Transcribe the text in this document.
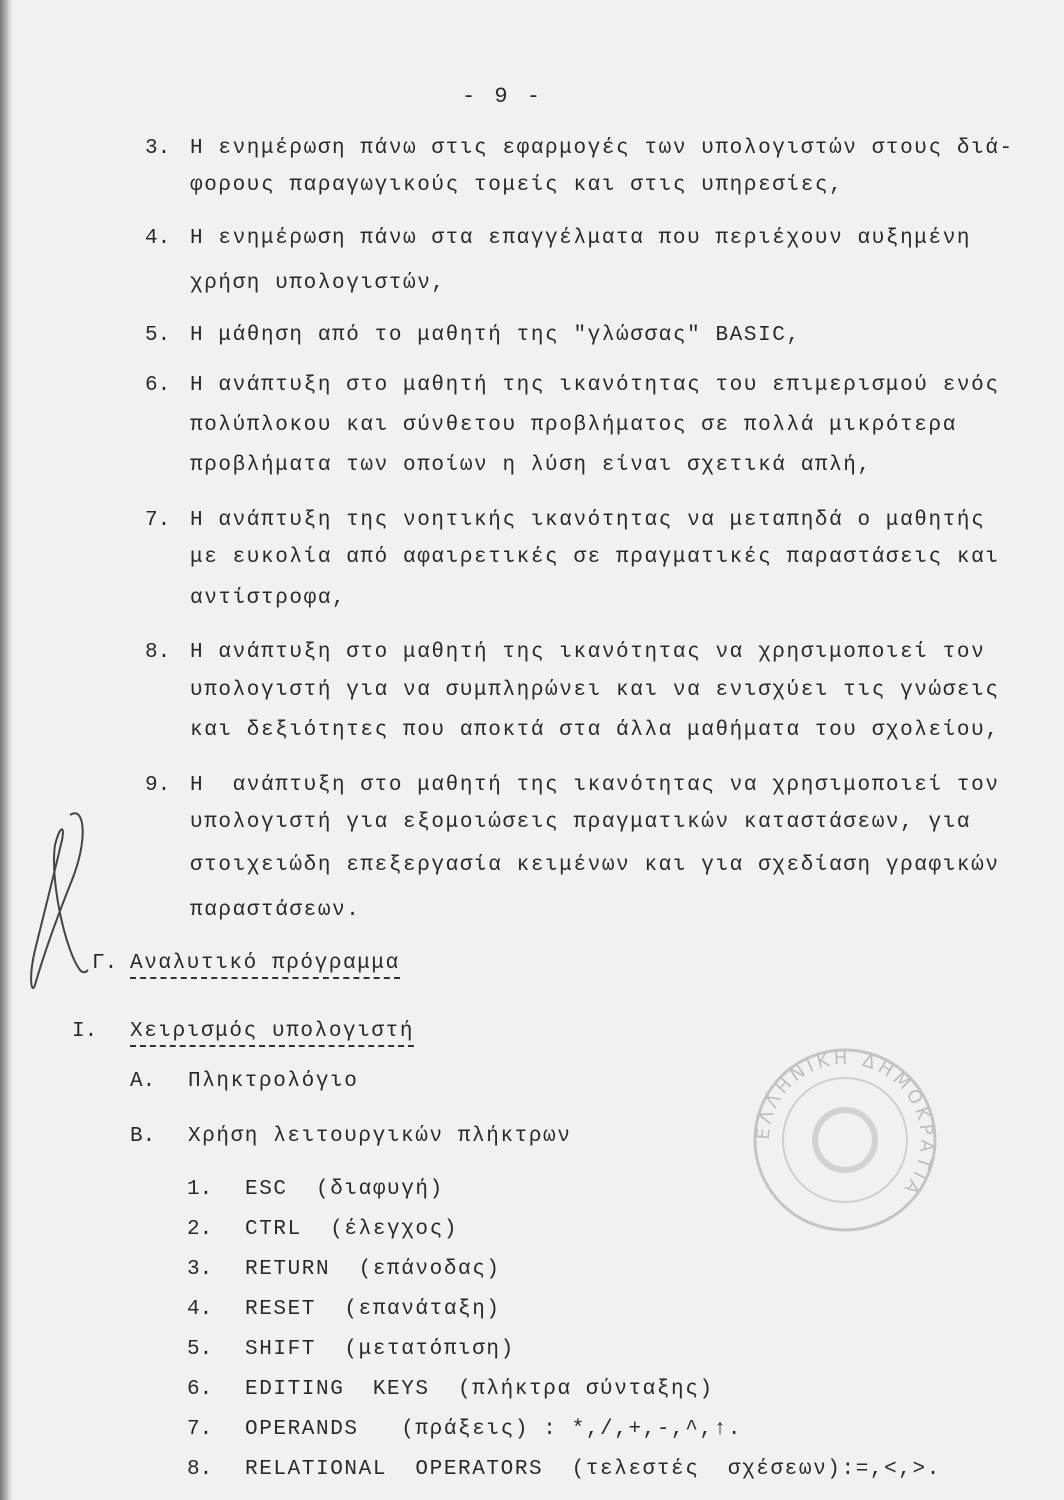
- 9 -
3. Η ενημέρωση πάνω στις εφαρμογές των υπολογιστών στους διά-
φορους παραγωγικούς τομείς και στις υπηρεσίες,
4. Η ενημέρωση πάνω στα επαγγέλματα που περιέχουν αυξημένη
χρήση υπολογιστών,
5. Η μάθηση από το μαθητή της "γλώσσας" BASIC,
6. Η ανάπτυξη στο μαθητή της ικανότητας του επιμερισμού ενός
πολύπλοκου και σύνθετου προβλήματος σε πολλά μικρότερα
προβλήματα των οποίων η λύση είναι σχετικά απλή,
7. Η ανάπτυξη της νοητικής ικανότητας να μεταπηδά ο μαθητής
με ευκολία από αφαιρετικές σε πραγματικές παραστάσεις και
αντίστροφα,
8. Η ανάπτυξη στο μαθητή της ικανότητας να χρησιμοποιεί τον
υπολογιστή για να συμπληρώνει και να ενισχύει τις γνώσεις
και δεξιότητες που αποκτά στα άλλα μαθήματα του σχολείου,
9. Η  ανάπτυξη στο μαθητή της ικανότητας να χρησιμοποιεί τον
υπολογιστή για εξομοιώσεις πραγματικών καταστάσεων, για
στοιχειώδη επεξεργασία κειμένων και για σχεδίαση γραφικών
παραστάσεων.
Γ. Αναλυτικό πρόγραμμα
I. Χειρισμός υπολογιστή
A. Πληκτρολόγιο
B. Χρήση λειτουργικών πλήκτρων
1. ESC  (διαφυγή)
2. CTRL  (έλεγχος)
3. RETURN  (επάνοδας)
4. RESET  (επανάταξη)
5. SHIFT  (μετατόπιση)
6. EDITING  KEYS  (πλήκτρα σύνταξης)
7. OPERANDS   (πράξεις) : *,/,+,-,^,↑.
8. RELATIONAL  OPERATORS  (τελεστές  σχέσεων):=,<,>.
ΕΛΛΗΝΙΚΗ ΔΗΜΟΚΡΑΤΙΑ
